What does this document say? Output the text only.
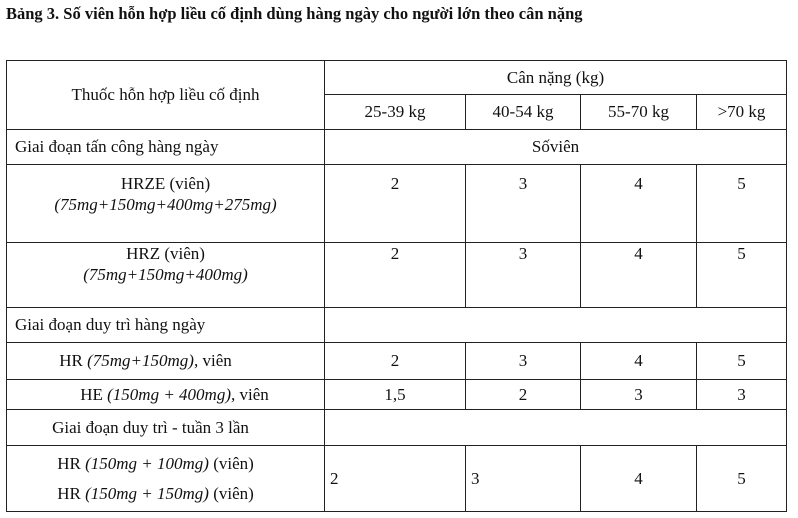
Bảng 3. Số viên hỗn hợp liều cố định dùng hàng ngày cho người lớn theo cân nặng
Thuốc hỗn hợp liều cố định	Cân nặng (kg)			
	25-39 kg	40-54 kg	55-70 kg	>70 kg
Giai đoạn tấn công hàng ngày	Sốviên			

HRZE (viên)
(75mg+150mg+400mg+275mg)	2	3	4	5

HRZ (viên)
(75mg+150mg+400mg)	2	3	4	5
Giai đoạn duy trì hàng ngày				
HR (75mg+150mg), viên	2	3	4	5
HE (150mg + 400mg), viên	1,5	2	3	3
Giai đoạn duy trì - tuần 3 lần				

HR (150mg + 100mg) (viên)
HR (150mg + 150mg) (viên)	2	3	4	5
